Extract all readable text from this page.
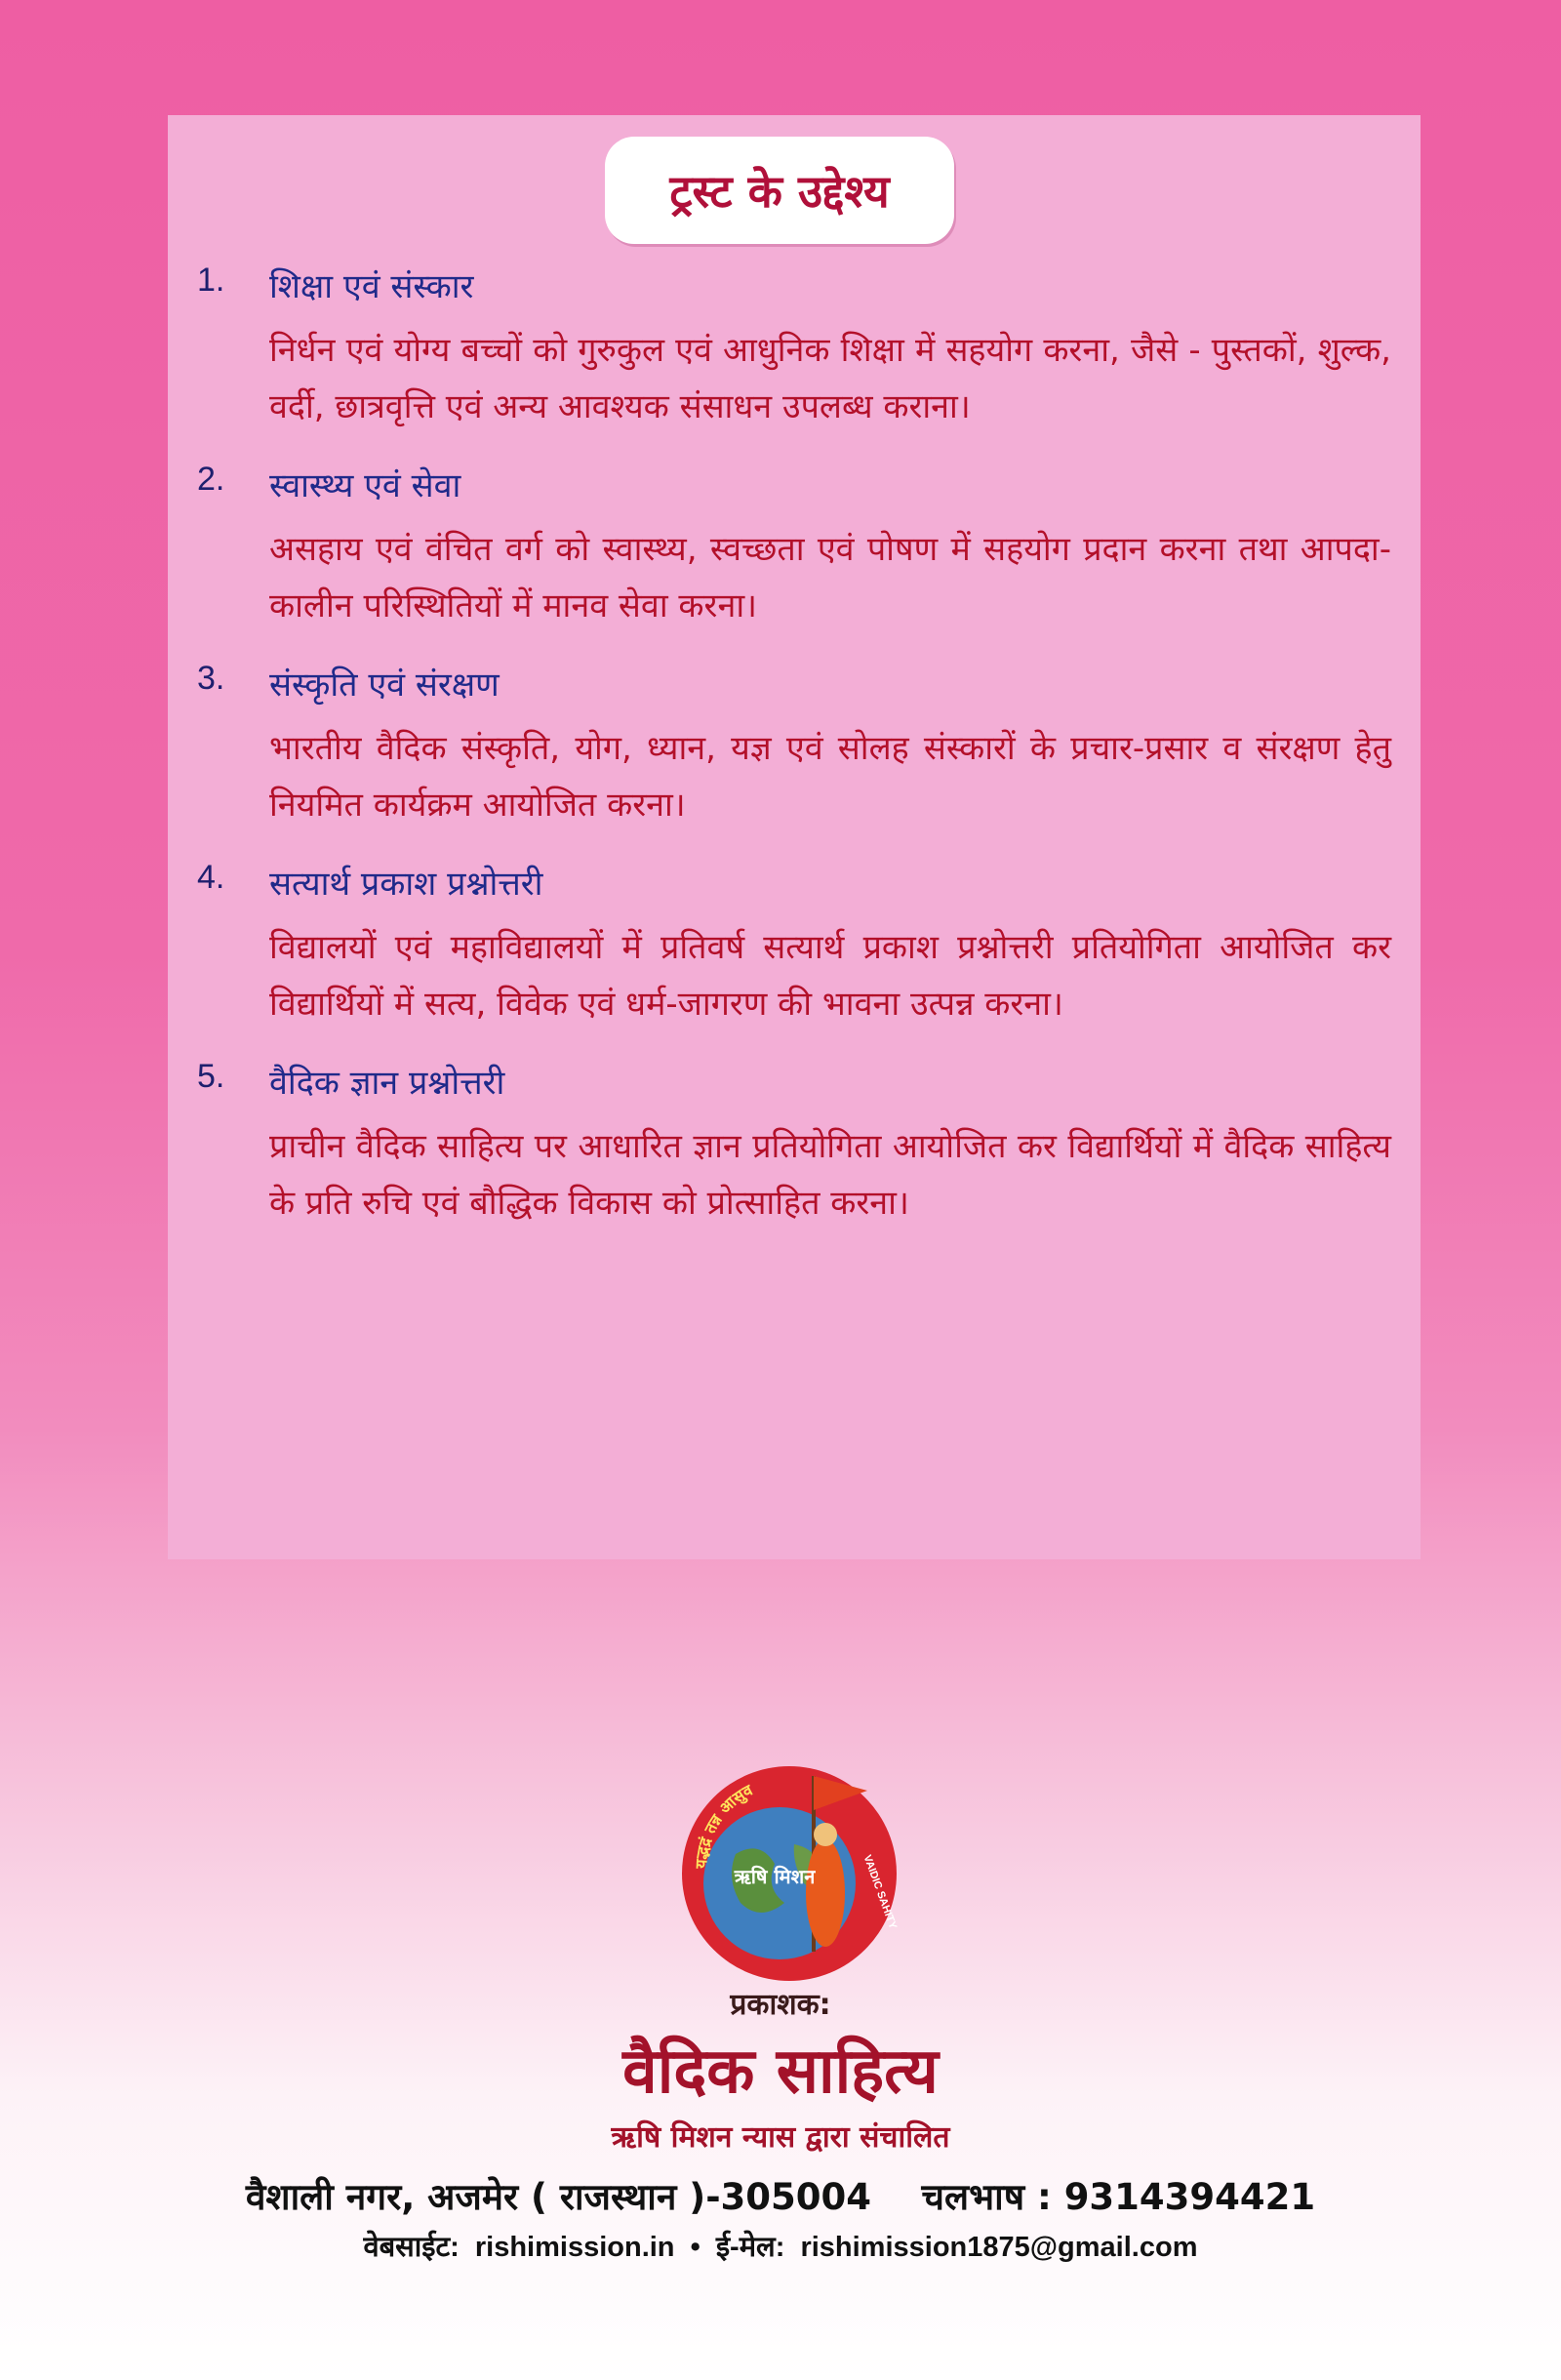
ट्रस्ट के उद्देश्य
1. शिक्षा एवं संस्कार
निर्धन एवं योग्य बच्चों को गुरुकुल एवं आधुनिक शिक्षा में सहयोग करना, जैसे - पुस्तकों, शुल्क, वर्दी, छात्रवृत्ति एवं अन्य आवश्यक संसाधन उपलब्ध कराना।
2. स्वास्थ्य एवं सेवा
असहाय एवं वंचित वर्ग को स्वास्थ्य, स्वच्छता एवं पोषण में सहयोग प्रदान करना तथा आपदा-कालीन परिस्थितियों में मानव सेवा करना।
3. संस्कृति एवं संरक्षण
भारतीय वैदिक संस्कृति, योग, ध्यान, यज्ञ एवं सोलह संस्कारों के प्रचार-प्रसार व संरक्षण हेतु नियमित कार्यक्रम आयोजित करना।
4. सत्यार्थ प्रकाश प्रश्नोत्तरी
विद्यालयों एवं महाविद्यालयों में प्रतिवर्ष सत्यार्थ प्रकाश प्रश्नोत्तरी प्रतियोगिता आयोजित कर विद्यार्थियों में सत्य, विवेक एवं धर्म-जागरण की भावना उत्पन्न करना।
5. वैदिक ज्ञान प्रश्नोत्तरी
प्राचीन वैदिक साहित्य पर आधारित ज्ञान प्रतियोगिता आयोजित कर विद्यार्थियों में वैदिक साहित्य के प्रति रुचि एवं बौद्धिक विकास को प्रोत्साहित करना।
यद्भद्रं तन्न आसुव
ऋषि मिशन	VAIDIC SAHITY
प्रकाशक:
वैदिक साहित्य
ऋषि मिशन न्यास द्वारा संचालित
वैशाली नगर, अजमेर ( राजस्थान )-305004 चलभाष : 9314394421
वेबसाईट: rishimission.in • ई-मेल: rishimission1875@gmail.com
